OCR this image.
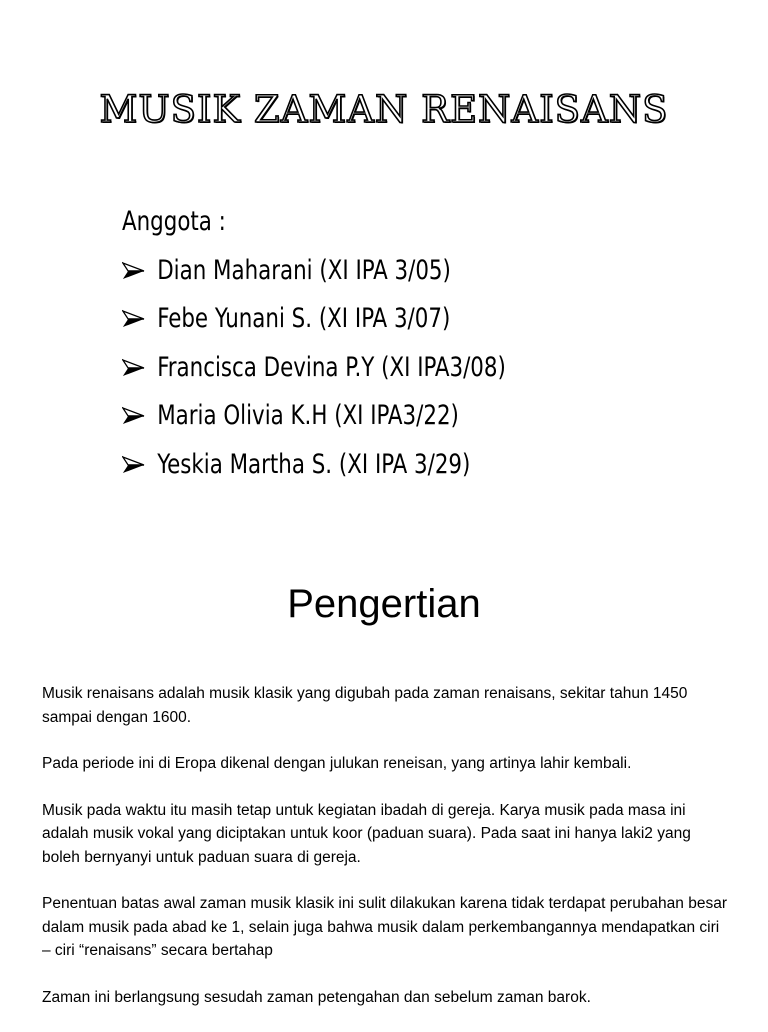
MUSIK ZAMAN RENAISANS

Anggota :

Dian Maharani (XI IPA 3/05)
Febe Yunani S. (XI IPA 3/07)
Francisca Devina P.Y (XI IPA3/08)
Maria Olivia K.H (XI IPA3/22)
Yeskia Martha S. (XI IPA 3/29)
Pengertian

Musik renaisans adalah musik klasik yang digubah pada zaman renaisans, sekitar tahun 1450 sampai dengan 1600.

Pada periode ini di Eropa dikenal dengan julukan reneisan, yang artinya lahir kembali.

Musik pada waktu itu masih tetap untuk kegiatan ibadah di gereja. Karya musik pada masa ini adalah musik vokal yang diciptakan untuk koor (paduan suara). Pada saat ini hanya laki2 yang boleh bernyanyi untuk paduan suara di gereja.

Penentuan batas awal zaman musik klasik ini sulit dilakukan karena tidak terdapat perubahan besar dalam musik pada abad ke 1, selain juga bahwa musik dalam perkembangannya mendapatkan ciri – ciri “renaisans” secara bertahap

Zaman ini berlangsung sesudah zaman petengahan dan sebelum zaman barok.
